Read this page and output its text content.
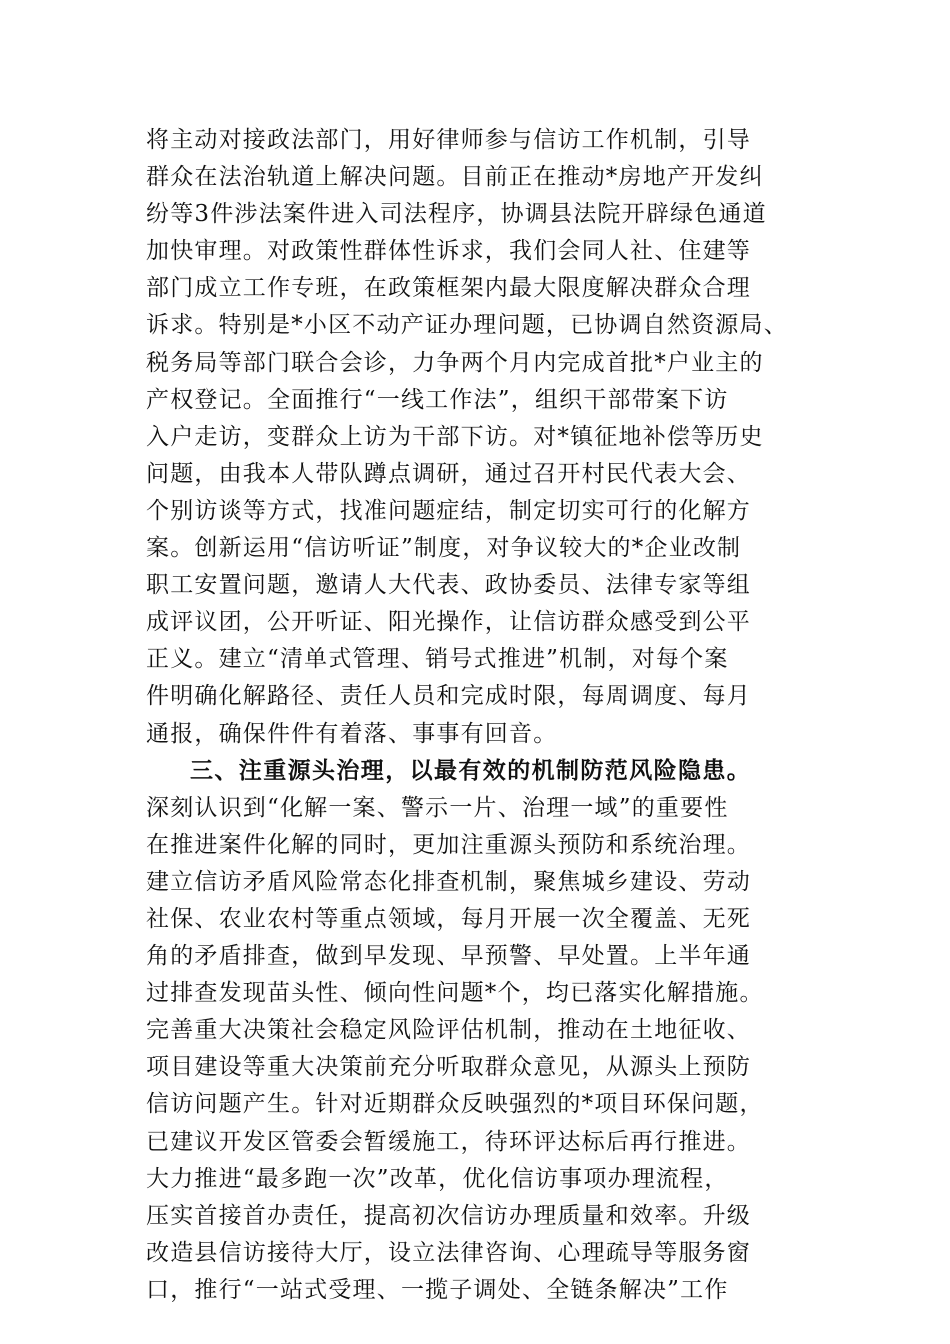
将主动对接政法部门，用好律师参与信访工作机制，引导
群众在法治轨道上解决问题。目前正在推动*房地产开发纠
纷等3件涉法案件进入司法程序，协调县法院开辟绿色通道
加快审理。对政策性群体性诉求，我们会同人社、住建等
部门成立工作专班，在政策框架内最大限度解决群众合理
诉求。特别是*小区不动产证办理问题，已协调自然资源局、
税务局等部门联合会诊，力争两个月内完成首批*户业主的
产权登记。全面推行“一线工作法”，组织干部带案下访
入户走访，变群众上访为干部下访。对*镇征地补偿等历史
问题，由我本人带队蹲点调研，通过召开村民代表大会、
个别访谈等方式，找准问题症结，制定切实可行的化解方
案。创新运用“信访听证”制度，对争议较大的*企业改制
职工安置问题，邀请人大代表、政协委员、法律专家等组
成评议团，公开听证、阳光操作，让信访群众感受到公平
正义。建立“清单式管理、销号式推进”机制，对每个案
件明确化解路径、责任人员和完成时限，每周调度、每月
通报，确保件件有着落、事事有回音。
三、注重源头治理，以最有效的机制防范风险隐患。
深刻认识到“化解一案、警示一片、治理一域”的重要性
在推进案件化解的同时，更加注重源头预防和系统治理。
建立信访矛盾风险常态化排查机制，聚焦城乡建设、劳动
社保、农业农村等重点领域，每月开展一次全覆盖、无死
角的矛盾排查，做到早发现、早预警、早处置。上半年通
过排查发现苗头性、倾向性问题*个，均已落实化解措施。
完善重大决策社会稳定风险评估机制，推动在土地征收、
项目建设等重大决策前充分听取群众意见，从源头上预防
信访问题产生。针对近期群众反映强烈的*项目环保问题，
已建议开发区管委会暂缓施工，待环评达标后再行推进。
大力推进“最多跑一次”改革，优化信访事项办理流程，
压实首接首办责任，提高初次信访办理质量和效率。升级
改造县信访接待大厅，设立法律咨询、心理疏导等服务窗
口，推行“一站式受理、一揽子调处、全链条解决”工作
